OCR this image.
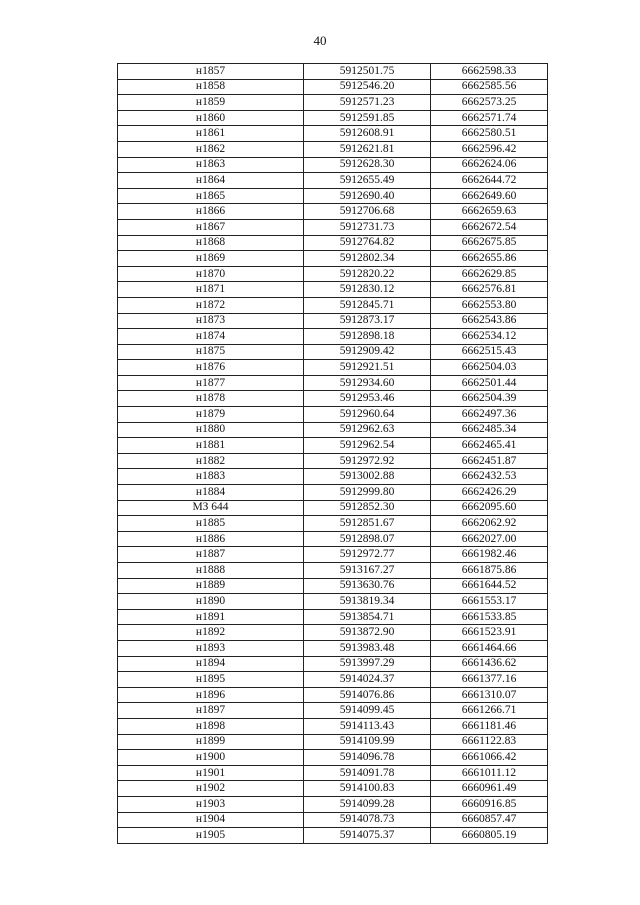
40
н1857	5912501.75	6662598.33
н1858	5912546.20	6662585.56
н1859	5912571.23	6662573.25
н1860	5912591.85	6662571.74
н1861	5912608.91	6662580.51
н1862	5912621.81	6662596.42
н1863	5912628.30	6662624.06
н1864	5912655.49	6662644.72
н1865	5912690.40	6662649.60
н1866	5912706.68	6662659.63
н1867	5912731.73	6662672.54
н1868	5912764.82	6662675.85
н1869	5912802.34	6662655.86
н1870	5912820.22	6662629.85
н1871	5912830.12	6662576.81
н1872	5912845.71	6662553.80
н1873	5912873.17	6662543.86
н1874	5912898.18	6662534.12
н1875	5912909.42	6662515.43
н1876	5912921.51	6662504.03
н1877	5912934.60	6662501.44
н1878	5912953.46	6662504.39
н1879	5912960.64	6662497.36
н1880	5912962.63	6662485.34
н1881	5912962.54	6662465.41
н1882	5912972.92	6662451.87
н1883	5913002.88	6662432.53
н1884	5912999.80	6662426.29
МЗ 644	5912852.30	6662095.60
н1885	5912851.67	6662062.92
н1886	5912898.07	6662027.00
н1887	5912972.77	6661982.46
н1888	5913167.27	6661875.86
н1889	5913630.76	6661644.52
н1890	5913819.34	6661553.17
н1891	5913854.71	6661533.85
н1892	5913872.90	6661523.91
н1893	5913983.48	6661464.66
н1894	5913997.29	6661436.62
н1895	5914024.37	6661377.16
н1896	5914076.86	6661310.07
н1897	5914099.45	6661266.71
н1898	5914113.43	6661181.46
н1899	5914109.99	6661122.83
н1900	5914096.78	6661066.42
н1901	5914091.78	6661011.12
н1902	5914100.83	6660961.49
н1903	5914099.28	6660916.85
н1904	5914078.73	6660857.47
н1905	5914075.37	6660805.19
